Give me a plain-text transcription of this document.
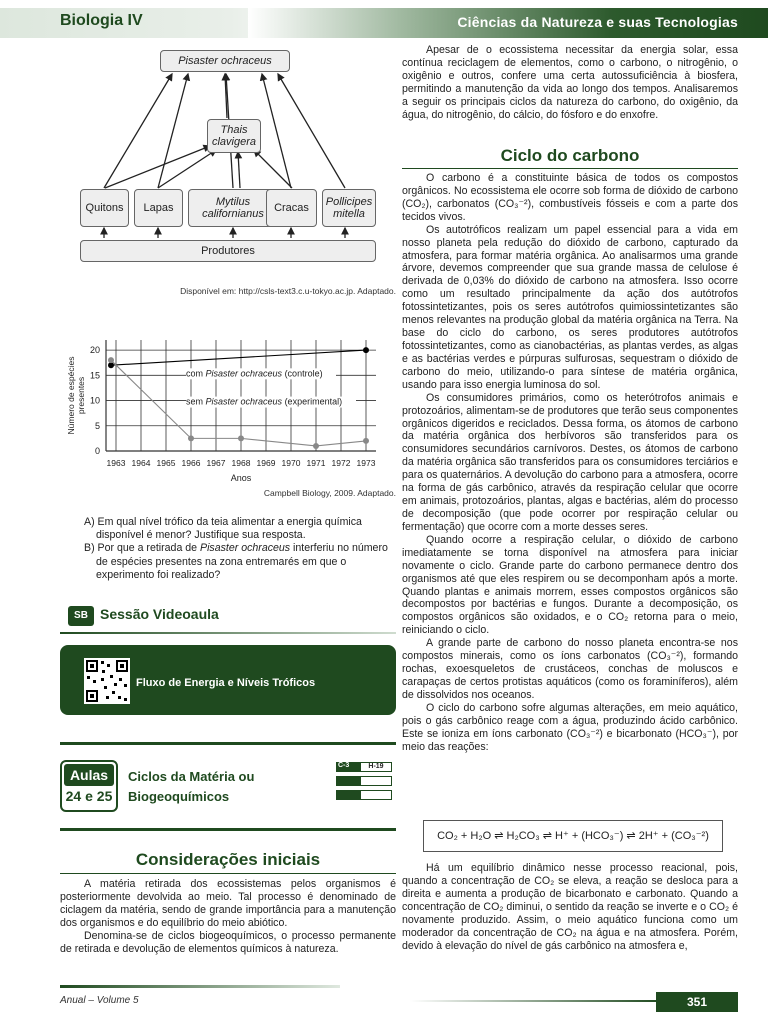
Biologia IV	Ciências da Natureza e suas Tecnologias
Pisaster ochraceus
Thais
clavigera
Quitons	Lapas
Mytilus californianus
Cracas
Pollicipes mitella
Produtores
Disponível em: http://csls-text3.c.u-tokyo.ac.jp. Adaptado.
0
5
10
15
20
1963 1964 1965 1966 1967 1968 1969 1970 1971 1972 1973
Número de espéciespresentes
Anos
com Pisaster ochraceus (controle)
sem Pisaster ochraceus (experimental)
Campbell Biology, 2009. Adaptado.

A) Em qual nível trófico da teia alimentar a energia química disponível é menor? Justifique sua resposta.

B) Por que a retirada de Pisaster ochraceus interferiu no número de espécies presentes na zona entremarés em que o experimento foi realizado?

SB Sessão Videoaula
Fluxo de Energia e Níveis Tróficos
Aulas
24 e 25
Ciclos da Matéria ou
Biogeoquímicos
C-3	H-19
Considerações iniciais

A matéria retirada dos ecossistemas pelos organismos é posteriormente devolvida ao meio. Tal processo é denominado de ciclagem da matéria, sendo de grande importância para a manutenção dos organismos e do equilíbrio do meio abiótico.

Denomina-se de ciclos biogeoquímicos, o processo permanente de retirada e devolução de elementos químicos à natureza.

Apesar de o ecossistema necessitar da energia solar, essa contínua reciclagem de elementos, como o carbono, o nitrogênio, o oxigênio e outros, confere uma certa autossuficiência à biosfera, permitindo a manutenção da vida ao longo dos tempos. Analisaremos a seguir os principais ciclos da natureza do carbono, do oxigênio, da água, do nitrogênio, do cálcio, do fósforo e do enxofre.

Ciclo do carbono

O carbono é a constituinte básica de todos os compostos orgânicos. No ecossistema ele ocorre sob forma de dióxido de carbono (CO₂), carbonatos (CO₃⁻²), combustíveis fósseis e com a parte dos tecidos vivos.

Os autotróficos realizam um papel essencial para a vida em nosso planeta pela redução do dióxido de carbono, capturado da atmosfera, para formar matéria orgânica. Ao analisarmos uma grande árvore, devemos compreender que sua grande massa de celulose é derivada de 0,03% do dióxido de carbono na atmosfera. Isso ocorre como um resultado principalmente da ação dos autótrofos fotossintetizantes, pois os seres autótrofos quimiossintetizantes são menos relevantes na produção global da matéria orgânica na Terra. Na base do ciclo do carbono, os seres produtores autótrofos fotossintetizantes, como as cianobactérias, as plantas verdes, as algas e as bactérias verdes e púrpuras sulfurosas, sequestram o dióxido de carbono do meio, utilizando-o para síntese de matéria orgânica, usando para isso energia luminosa do sol.

Os consumidores primários, como os heterótrofos animais e protozoários, alimentam-se de produtores que terão seus componentes orgânicos digeridos e reciclados. Dessa forma, os átomos de carbono da matéria orgânica dos herbívoros são transferidos para os consumidores secundários carnívoros. Destes, os átomos de carbono da matéria orgânica são transferidos para os consumidores terciários e para os quaternários. A devolução do carbono para a atmosfera, ocorre na forma de gás carbônico, através da respiração celular que ocorre em animais, protozoários, plantas, algas e bactérias, além do processo de decomposição (que pode ocorrer por respiração celular ou fermentação) que ocorre com a morte desses seres.

Quando ocorre a respiração celular, o dióxido de carbono imediatamente se torna disponível na atmosfera para iniciar novamente o ciclo. Grande parte do carbono permanece dentro dos organismos até que eles respirem ou se decomponham após a morte. Quando plantas e animais morrem, esses compostos orgânicos são decompostos por bactérias e fungos. Durante a decomposição, os compostos orgânicos são oxidados, e o CO₂ retorna para o meio, reiniciando o ciclo.

A grande parte de carbono do nosso planeta encontra-se nos compostos minerais, como os íons carbonatos (CO₃⁻²), formando rochas, exoesqueletos de crustáceos, conchas de moluscos e carapaças de certos protistas aquáticos (como os foraminíferos), além de dissolvidos nos oceanos.

O ciclo do carbono sofre algumas alterações, em meio aquático, pois o gás carbônico reage com a água, produzindo ácido carbônico. Este se ioniza em íons carbonato (CO₃⁻²) e bicarbonato (HCO₃⁻), por meio das reações:

CO₂ + H₂O ⇌ H₂CO₃ ⇌ H⁺ + (HCO₃⁻) ⇌ 2H⁺ + (CO₃⁻²)

Há um equilíbrio dinâmico nesse processo reacional, pois, quando a concentração de CO₂ se eleva, a reação se desloca para a direita e aumenta a produção de bicarbonato e carbonato. Quando a concentração de CO₂ diminui, o sentido da reação se inverte e o CO₂ é novamente produzido. Assim, o meio aquático funciona como um moderador da concentração de CO₂ na água e na atmosfera. Porém, devido à elevação do nível de gás carbônico na atmosfera e,

Anual – Volume 5	351
